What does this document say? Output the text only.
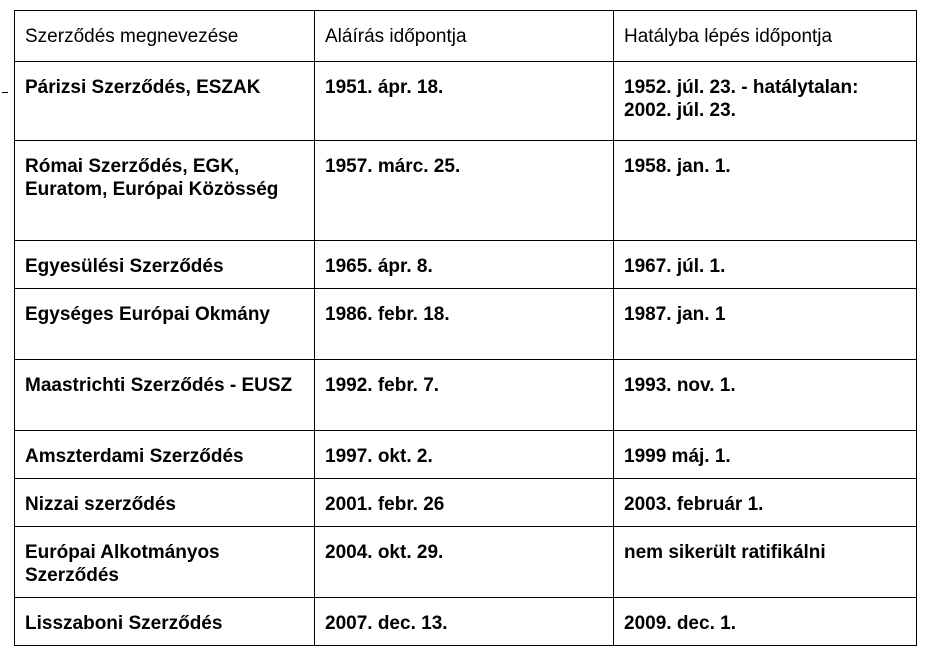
Szerződés megnevezése	Aláírás időpontja	Hatályba lépés időpontja
Párizsi Szerződés, ESZAK	1951. ápr. 18.	1952. júl. 23. - hatálytalan: 2002. júl. 23.
Római Szerződés, EGK, Euratom, Európai Közösség	1957. márc. 25.	1958. jan. 1.
Egyesülési Szerződés	1965. ápr. 8.	1967. júl. 1.
Egységes Európai Okmány	1986. febr. 18.	1987. jan. 1
Maastrichti Szerződés - EUSZ	1992. febr. 7.	1993. nov. 1.
Amszterdami Szerződés	1997. okt. 2.	1999 máj. 1.
Nizzai szerződés	2001. febr. 26	2003. február 1.
Európai Alkotmányos Szerződés	2004. okt. 29.	nem sikerült ratifikálni
Lisszaboni Szerződés	2007. dec. 13.	2009. dec. 1.
